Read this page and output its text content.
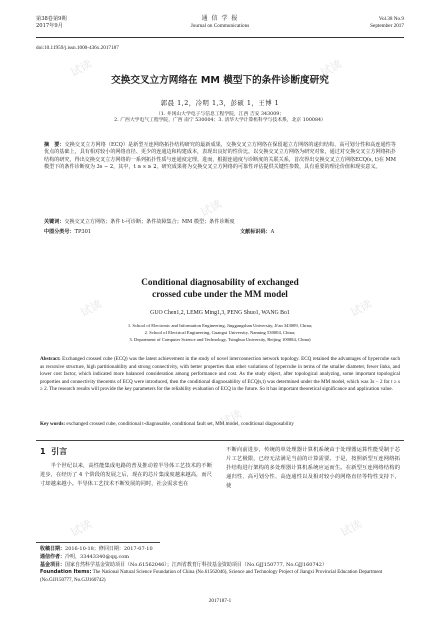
试读	试读
试读
试读	试读
试读
试读	试读
第38卷第9期
2017年9月
通 信 学 报
Journal on Communications
Vol.38 No.9
September 2017
doi:10.11959/j.issn.1000-436x.2017187
交换交叉立方网络在 MM 模型下的条件诊断度研究
郭晨 1,2，冷明 1,3，彭硕 1，王博 1
（1. 井冈山大学电子与信息工程学院，江西 吉安 343009；
2. 广西大学电气工程学院，广西 南宁 530004；3. 清华大学计算机科学与技术系，北京 100084）
摘　要：交换交叉立方网络（ECQ）是新型互连网络拓扑结构研究的最新成果，交换交叉立方网络在保留超立方网络的递归结构、高可划分性和高连通性等优点的基础上，具有相对较小的网络直径、更少的连通边和构建成本，表现出良好的性价比。以交换交叉立方网络为研究对象，通过对交换交叉立方网络拓扑结构的研究，得出交换交叉立方网络的一系列拓扑性质与连通度定理。进而，根据连通度与诊断度的关联关系，首次得出交换交叉立方网络ECQ(s, t)在 MM 模型下的条件诊断度为 3s − 2，其中，t ≥ s ≥ 2。研究成果将为交换交叉立方网络的可靠性评估提供关键性参数，具有重要的理论价值和现实意义。
关键词：交换交叉立方网络；条件 t-可诊断；条件故障集合；MM 模型；条件诊断度
中图分类号：TP301	文献标识码：A
Conditional diagnosability of exchanged
crossed cube under the MM model
GUO Chen1,2, LEMG Ming1,3, PENG Shuo1, WANG Bo1
1. School of Electronic and Information Engineering, Jinggangshan University, Ji'an 343009, China;
2. School of Electrical Engineering, Guangxi University, Nanning 530004, China;
3. Department of Computer Science and Technology, Tsinghua University, Beijing 100084, China)
Abstract: Exchanged crossed cube (ECQ) was the latest achievement in the study of novel interconnection network topology. ECQ retained the advantages of hypercube such as recursive structure, high partitionability and strong connectivity, with better properties than other variations of hypercube in terms of the smaller diameter, fewer links, and lower cost factor, which indicated more balanced consideration among performance and cost. As the study object, after topological analyzing, some important topological properties and connectivity theorems of ECQ were introduced, then the conditional diagnosability of ECQ(s,t) was determined under the MM model, which was 3s − 2 for t ≥ s ≥ 2. The research results will provide the key parameters for the reliability evaluation of ECQ in the future. So it has important theoretical significance and application value.
Key words: exchanged crossed cube, conditional t-diagnosable, conditional fault set, MM model, conditional diagnosability
1 引言
  半个世纪以来，高性能集成电路的普及推动着半导体工艺技术的不断进步，在经历了 4 个阶段的发展之后，现在的芯片集成度越来越高，而尺寸却越来越小。半导体工艺技术不断发展的同时，社会需求也在
不断向前进步，传统的单处理器计算机系统由于处理器运算性能受制于芯片工艺极限，已经无法满足当前的计算需要。于是，按照新型互连网络拓扑结构进行架构的多处理器计算机系统应运而生。在新型互连网络结构的递归性、高可划分性、高连通性以及相对较小的网络直径等特性支持下，使
收稿日期：2016-10-18；修回日期：2017-07-10
通信作者：冷明，33443340@qq.com
基金项目：国家自然科学基金资助项目（No.61562046）；江西省教育厅科技基金资助项目（No.GJJ150777, No.GJJ160742）
Foundation Items: The National Natural Science Foundation of China (No.61562046), Science and Technology Project of Jiangxi Provincial Education Department (No.GJJ150777, No.GJJ160742)
2017187-1
